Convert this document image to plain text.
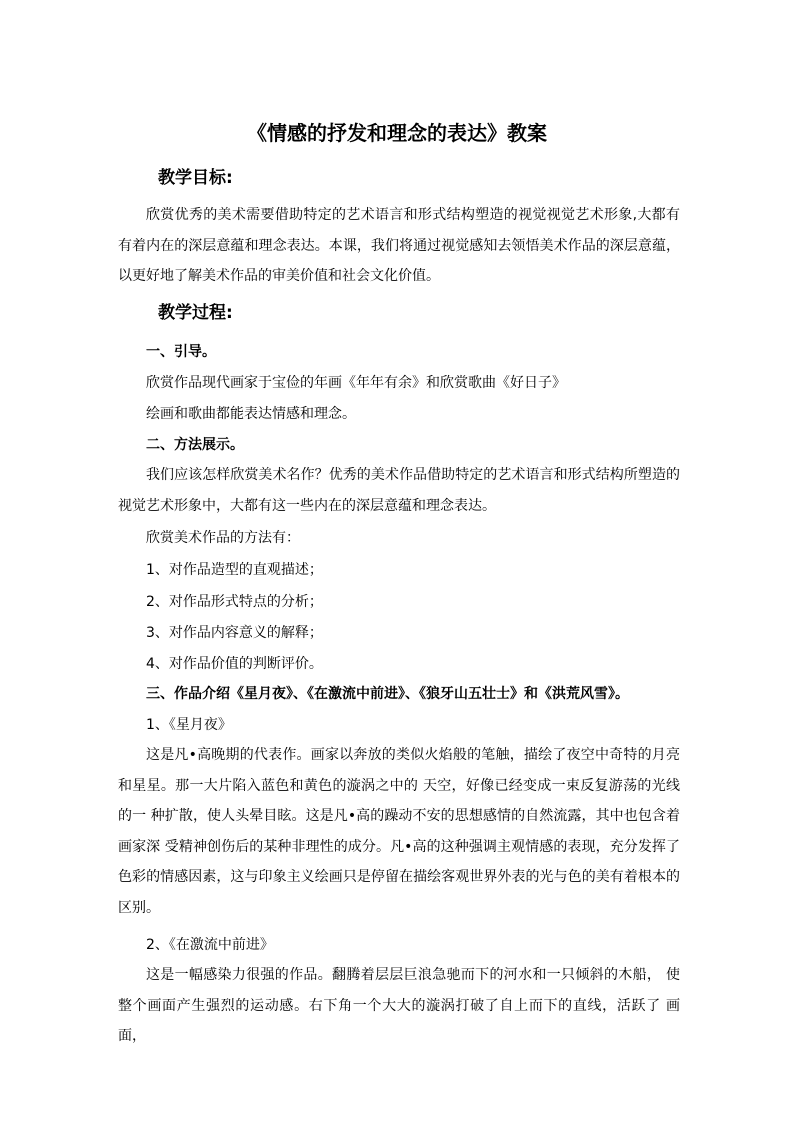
《情感的抒发和理念的表达》教案
教学目标:

欣赏优秀的美术需要借助特定的艺术语言和形式结构塑造的视觉视觉艺术形象,大都有有着内在的深层意蕴和理念表达。本课，我们将通过视觉感知去领悟美术作品的深层意蕴，以更好地了解美术作品的审美价值和社会文化价值。

教学过程:
一、引导。
欣赏作品现代画家于宝俭的年画《年年有余》和欣赏歌曲《好日子》
绘画和歌曲都能表达情感和理念。
二、方法展示。

我们应该怎样欣赏美术名作？优秀的美术作品借助特定的艺术语言和形式结构所塑造的视觉艺术形象中，大都有这一些内在的深层意蕴和理念表达。

欣赏美术作品的方法有：
1、对作品造型的直观描述；
2、对作品形式特点的分析；
3、对作品内容意义的解释；
4、对作品价值的判断评价。
三、作品介绍《星月夜》、《在激流中前进》、《狼牙山五壮士》和《洪荒风雪》。
1、《星月夜》

这是凡•高晚期的代表作。画家以奔放的类似火焰般的笔触，描绘了夜空中奇特的月亮和星星。那一大片陷入蓝色和黄色的漩涡之中的 天空，好像已经变成一束反复游荡的光线的一 种扩散，使人头晕目眩。这是凡•高的躁动不安的思想感情的自然流露，其中也包含着画家深 受精神创伤后的某种非理性的成分。凡•高的这种强调主观情感的表现，充分发挥了色彩的情感因素，这与印象主义绘画只是停留在描绘客观世界外表的光与色的美有着根本的区别。

2、《在激流中前进》

这是一幅感染力很强的作品。翻腾着层层巨浪急驰而下的河水和一只倾斜的木船， 使整个画面产生强烈的运动感。右下角一个大大的漩涡打破了自上而下的直线，活跃了 画面，
